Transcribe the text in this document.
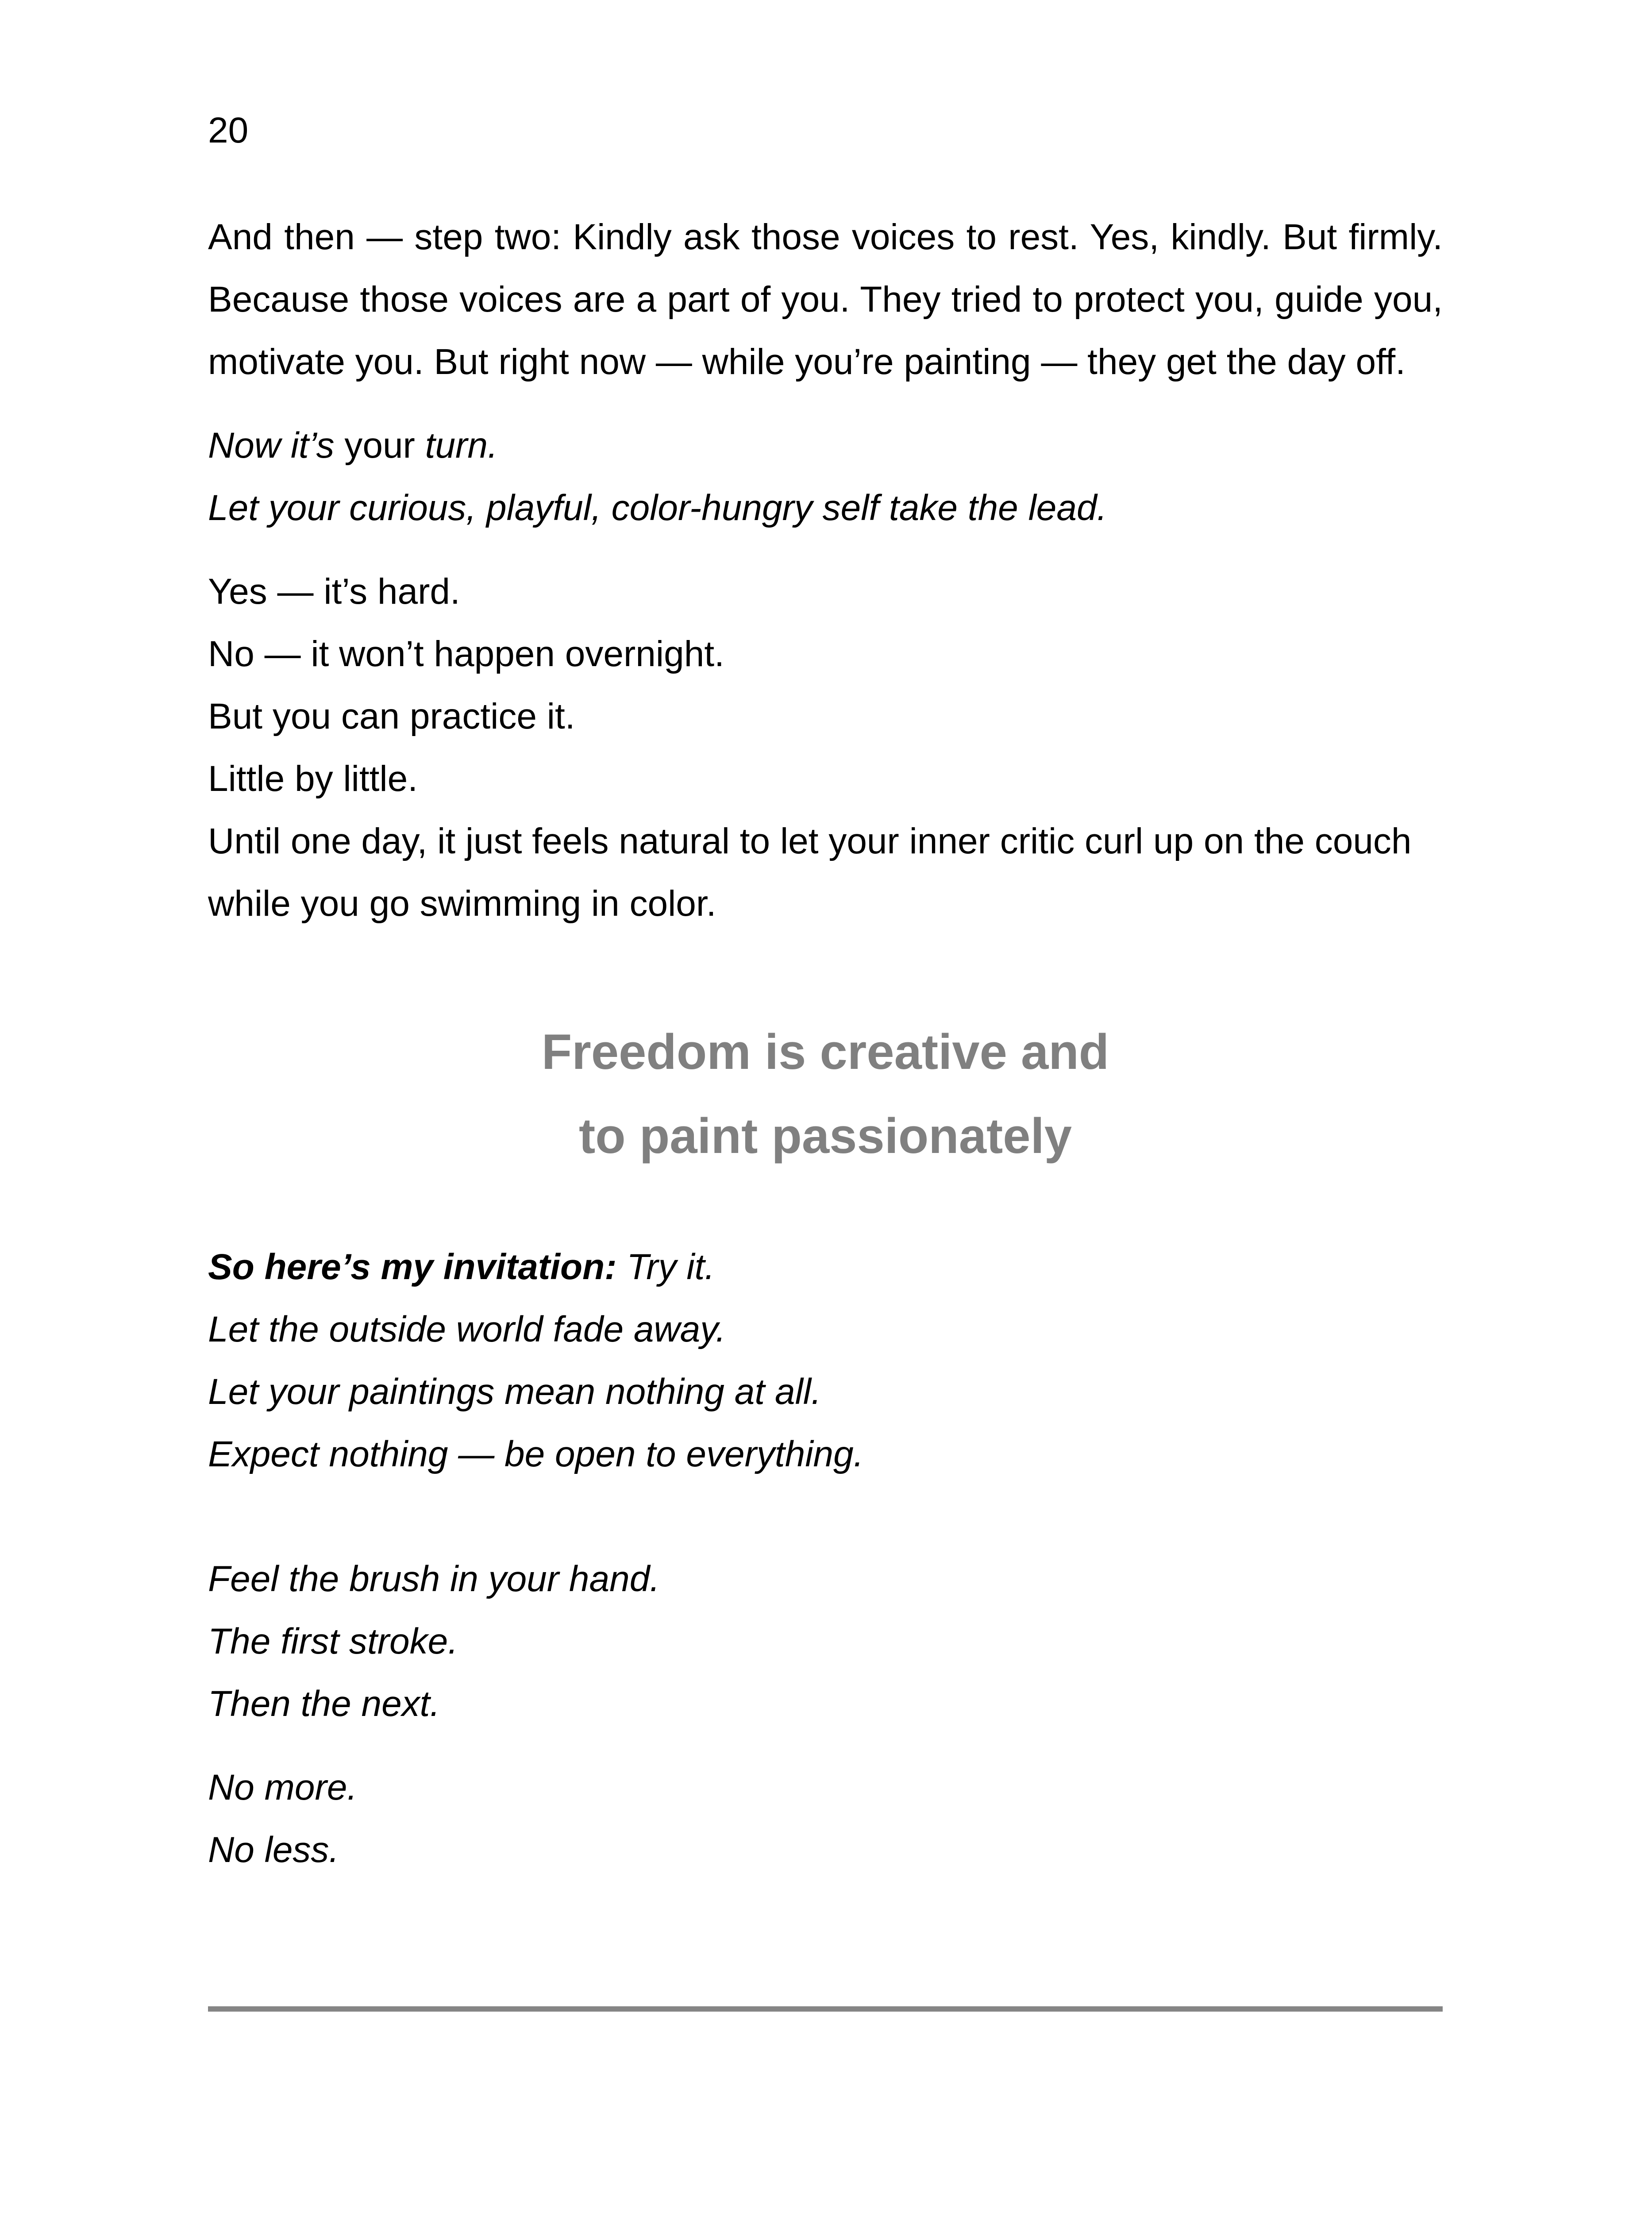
20

And then — step two: Kindly ask those voices to rest. Yes, kindly. But firmly. Because those voices are a part of you. They tried to protect you, guide you, motivate you. But right now — while you’re painting — they get the day off.

Now it’s your turn.
Let your curious, playful, color-hungry self take the lead.
Yes — it’s hard.
No — it won’t happen overnight.
But you can practice it.
Little by little.
Until one day, it just feels natural to let your inner critic curl up on the couch while you go swimming in color.
Freedom is creative and
to paint passionately
So here’s my invitation: Try it.
Let the outside world fade away.
Let your paintings mean nothing at all.
Expect nothing — be open to everything.
Feel the brush in your hand.
The first stroke.
Then the next.
No more.
No less.
